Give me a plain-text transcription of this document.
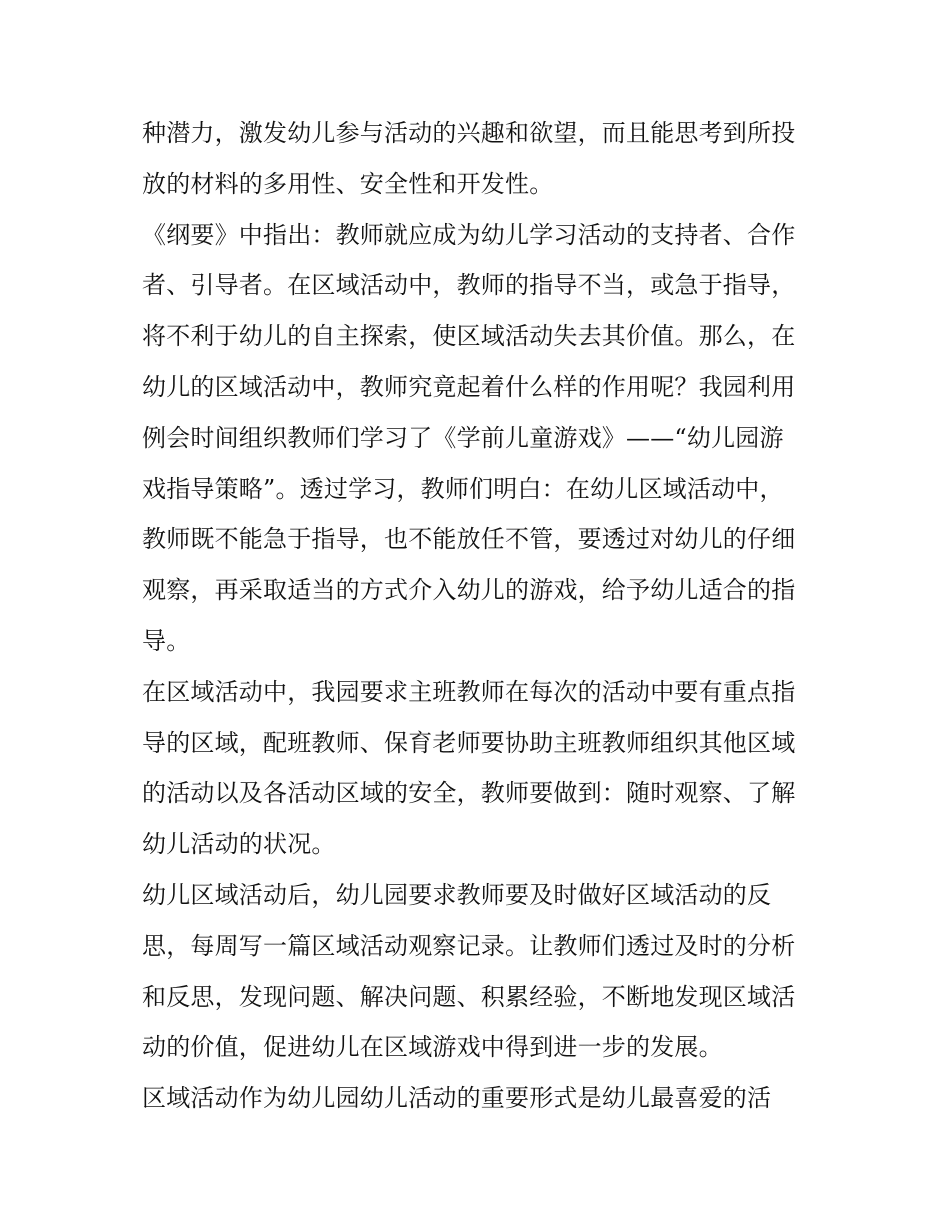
种潜力，激发幼儿参与活动的兴趣和欲望，而且能思考到所投
放的材料的多用性、安全性和开发性。
《纲要》中指出：教师就应成为幼儿学习活动的支持者、合作
者、引导者。在区域活动中，教师的指导不当，或急于指导，
将不利于幼儿的自主探索，使区域活动失去其价值。那么，在
幼儿的区域活动中，教师究竟起着什么样的作用呢？我园利用
例会时间组织教师们学习了《学前儿童游戏》——“幼儿园游
戏指导策略”。透过学习，教师们明白：在幼儿区域活动中，
教师既不能急于指导，也不能放任不管，要透过对幼儿的仔细
观察，再采取适当的方式介入幼儿的游戏，给予幼儿适合的指
导。
在区域活动中，我园要求主班教师在每次的活动中要有重点指
导的区域，配班教师、保育老师要协助主班教师组织其他区域
的活动以及各活动区域的安全，教师要做到：随时观察、了解
幼儿活动的状况。
幼儿区域活动后，幼儿园要求教师要及时做好区域活动的反
思，每周写一篇区域活动观察记录。让教师们透过及时的分析
和反思，发现问题、解决问题、积累经验，不断地发现区域活
动的价值，促进幼儿在区域游戏中得到进一步的发展。
区域活动作为幼儿园幼儿活动的重要形式是幼儿最喜爱的活
